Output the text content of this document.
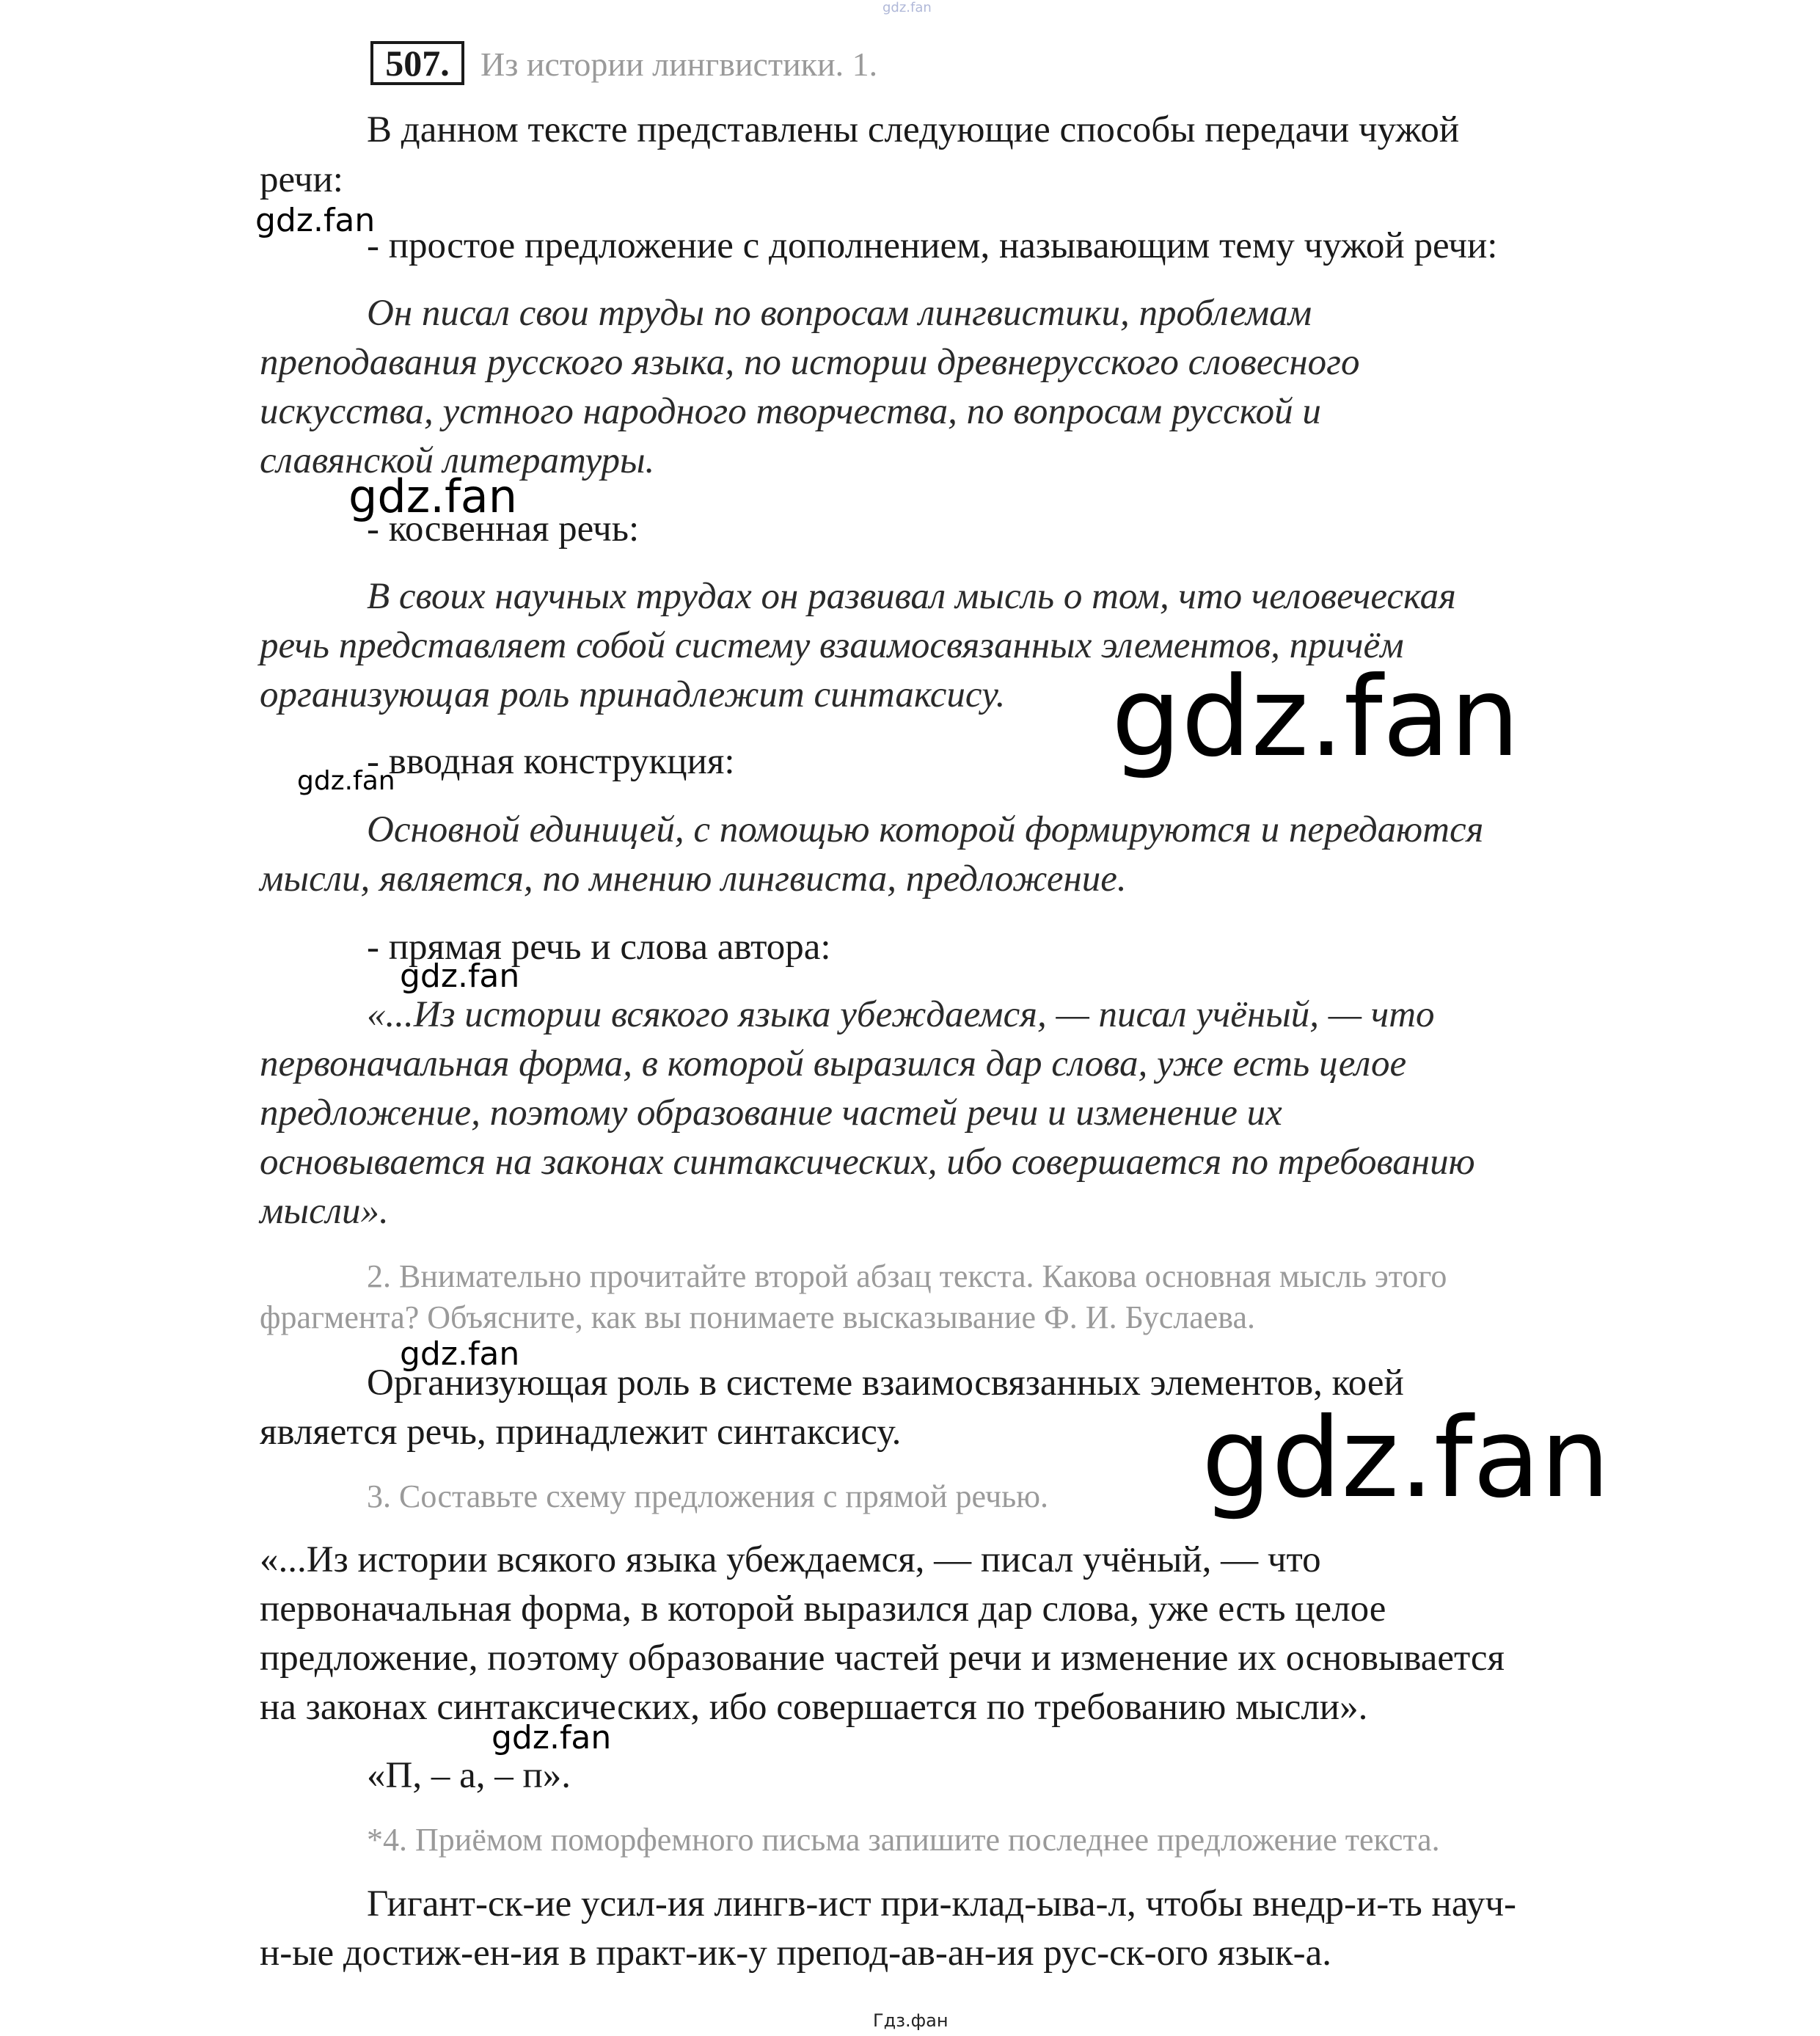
gdz.fan
507. Из истории лингвистики. 1.
В данном тексте представлены следующие способы передачи чужой
речи:
- простое предложение с дополнением, называющим тему чужой речи:
Он писал свои труды по вопросам лингвистики, проблемам
преподавания русского языка, по истории древнерусского словесного
искусства, устного народного творчества, по вопросам русской и
славянской литературы.
- косвенная речь:
В своих научных трудах он развивал мысль о том, что человеческая
речь представляет собой систему взаимосвязанных элементов, причём
организующая роль принадлежит синтаксису.
- вводная конструкция:
Основной единицей, с помощью которой формируются и передаются
мысли, является, по мнению лингвиста, предложение.
- прямая речь и слова автора:
«...Из истории всякого языка убеждаемся, — писал учёный, — что
первоначальная форма, в которой выразился дар слова, уже есть целое
предложение, поэтому образование частей речи и изменение их
основывается на законах синтаксических, ибо совершается по требованию
мысли».
2. Внимательно прочитайте второй абзац текста. Какова основная мысль этого
фрагмента? Объясните, как вы понимаете высказывание Ф. И. Буслаева.
Организующая роль в системе взаимосвязанных элементов, коей
является речь, принадлежит синтаксису.
3. Составьте схему предложения с прямой речью.
«...Из истории всякого языка убеждаемся, — писал учёный, — что
первоначальная форма, в которой выразился дар слова, уже есть целое
предложение, поэтому образование частей речи и изменение их основывается
на законах синтаксических, ибо совершается по требованию мысли».
«П, – а, – п».
*4. Приёмом поморфемного письма запишите последнее предложение текста.
Гигант-ск-ие усил-ия лингв-ист при-клад-ыва-л, чтобы внедр-и-ть науч-
н-ые достиж-ен-ия в практ-ик-у препод-ав-ан-ия рус-ск-ого язык-а.
gdz.fan
gdz.fan
gdz.fan
gdz.fan
gdz.fan
gdz.fan
gdz.fan
gdz.fan
Гдз.фан
